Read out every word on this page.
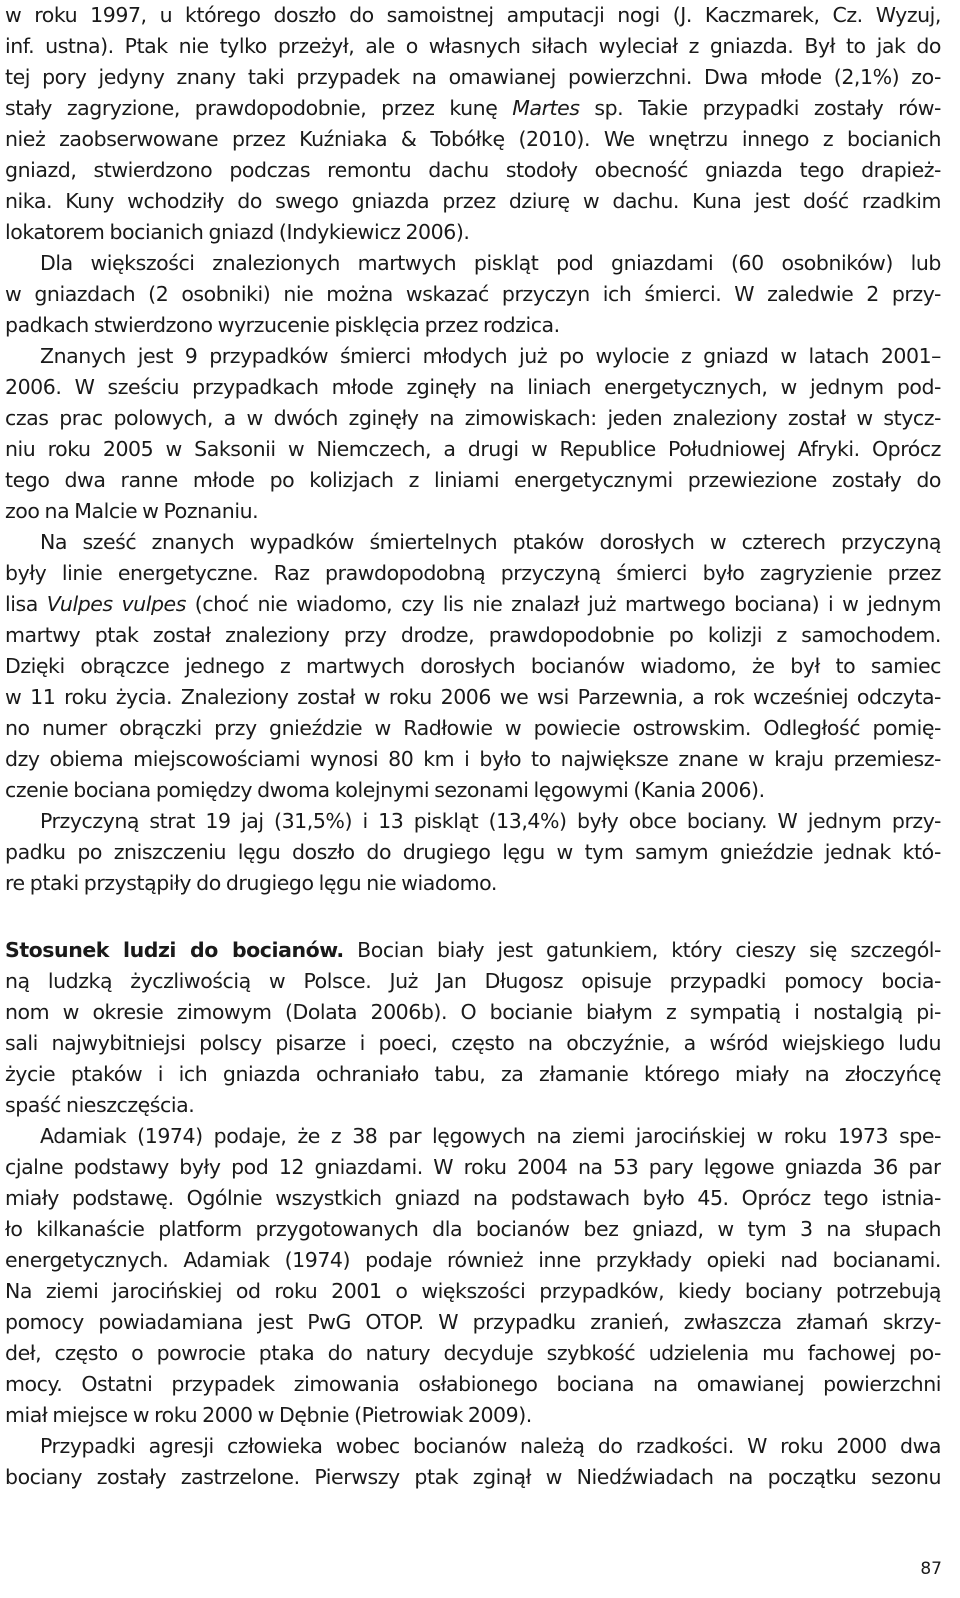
w roku 1997, u którego doszło do samoistnej amputacji nogi (J. Kaczmarek, Cz. Wyzuj,
inf. ustna). Ptak nie tylko przeżył, ale o własnych siłach wyleciał z gniazda. Był to jak do
tej pory jedyny znany taki przypadek na omawianej powierzchni. Dwa młode (2,1%) zo-
stały zagryzione, prawdopodobnie, przez kunę Martes sp. Takie przypadki zostały rów-
nież zaobserwowane przez Kuźniaka & Tobółkę (2010). We wnętrzu innego z bocianich
gniazd, stwierdzono podczas remontu dachu stodoły obecność gniazda tego drapież-
nika. Kuny wchodziły do swego gniazda przez dziurę w dachu. Kuna jest dość rzadkim
lokatorem bocianich gniazd (Indykiewicz 2006).
Dla większości znalezionych martwych piskląt pod gniazdami (60 osobników) lub
w gniazdach (2 osobniki) nie można wskazać przyczyn ich śmierci. W zaledwie 2 przy-
padkach stwierdzono wyrzucenie pisklęcia przez rodzica.
Znanych jest 9 przypadków śmierci młodych już po wylocie z gniazd w latach 2001–
2006. W sześciu przypadkach młode zginęły na liniach energetycznych, w jednym pod-
czas prac polowych, a w dwóch zginęły na zimowiskach: jeden znaleziony został w stycz-
niu roku 2005 w Saksonii w Niemczech, a drugi w Republice Południowej Afryki. Oprócz
tego dwa ranne młode po kolizjach z liniami energetycznymi przewiezione zostały do
zoo na Malcie w Poznaniu.
Na sześć znanych wypadków śmiertelnych ptaków dorosłych w czterech przyczyną
były linie energetyczne. Raz prawdopodobną przyczyną śmierci było zagryzienie przez
lisa Vulpes vulpes (choć nie wiadomo, czy lis nie znalazł już martwego bociana) i w jednym
martwy ptak został znaleziony przy drodze, prawdopodobnie po kolizji z samochodem.
Dzięki obrączce jednego z martwych dorosłych bocianów wiadomo, że był to samiec
w 11 roku życia. Znaleziony został w roku 2006 we wsi Parzewnia, a rok wcześniej odczyta-
no numer obrączki przy gnieździe w Radłowie w powiecie ostrowskim. Odległość pomię-
dzy obiema miejscowościami wynosi 80 km i było to największe znane w kraju przemiesz-
czenie bociana pomiędzy dwoma kolejnymi sezonami lęgowymi (Kania 2006).
Przyczyną strat 19 jaj (31,5%) i 13 piskląt (13,4%) były obce bociany. W jednym przy-
padku po zniszczeniu lęgu doszło do drugiego lęgu w tym samym gnieździe jednak któ-
re ptaki przystąpiły do drugiego lęgu nie wiadomo.
Stosunek ludzi do bocianów. Bocian biały jest gatunkiem, który cieszy się szczegól-
ną ludzką życzliwością w Polsce. Już Jan Długosz opisuje przypadki pomocy bocia-
nom w okresie zimowym (Dolata 2006b). O bocianie białym z sympatią i nostalgią pi-
sali najwybitniejsi polscy pisarze i poeci, często na obczyźnie, a wśród wiejskiego ludu
życie ptaków i ich gniazda ochraniało tabu, za złamanie którego miały na złoczyńcę
spaść nieszczęścia.
Adamiak (1974) podaje, że z 38 par lęgowych na ziemi jarocińskiej w roku 1973 spe-
cjalne podstawy były pod 12 gniazdami. W roku 2004 na 53 pary lęgowe gniazda 36 par
miały podstawę. Ogólnie wszystkich gniazd na podstawach było 45. Oprócz tego istnia-
ło kilkanaście platform przygotowanych dla bocianów bez gniazd, w tym 3 na słupach
energetycznych. Adamiak (1974) podaje również inne przykłady opieki nad bocianami.
Na ziemi jarocińskiej od roku 2001 o większości przypadków, kiedy bociany potrzebują
pomocy powiadamiana jest PwG OTOP. W przypadku zranień, zwłaszcza złamań skrzy-
deł, często o powrocie ptaka do natury decyduje szybkość udzielenia mu fachowej po-
mocy. Ostatni przypadek zimowania osłabionego bociana na omawianej powierzchni
miał miejsce w roku 2000 w Dębnie (Pietrowiak 2009).
Przypadki agresji człowieka wobec bocianów należą do rzadkości. W roku 2000 dwa
bociany zostały zastrzelone. Pierwszy ptak zginął w Niedźwiadach na początku sezonu
87
